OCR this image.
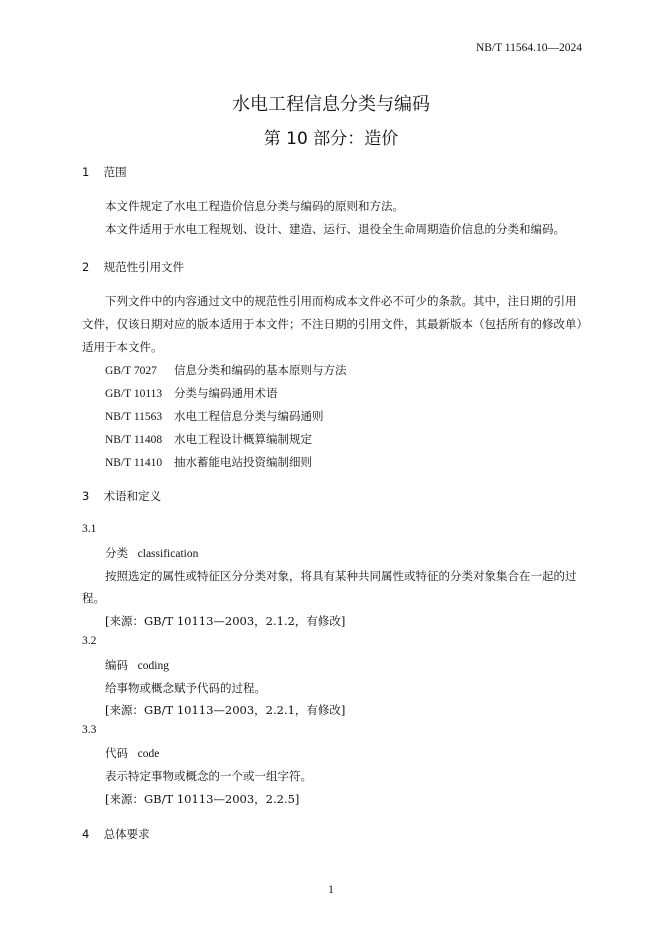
NB/T 11564.10—2024
水电工程信息分类与编码
第 10 部分：造价
1 范围
本文件规定了水电工程造价信息分类与编码的原则和方法。
本文件适用于水电工程规划、设计、建造、运行、退役全生命周期造价信息的分类和编码。
2 规范性引用文件
下列文件中的内容通过文中的规范性引用而构成本文件必不可少的条款。其中，注日期的引用
文件，仅该日期对应的版本适用于本文件；不注日期的引用文件，其最新版本（包括所有的修改单）
适用于本文件。
GB/T 7027 信息分类和编码的基本原则与方法
GB/T 10113 分类与编码通用术语
NB/T 11563 水电工程信息分类与编码通则
NB/T 11408 水电工程设计概算编制规定
NB/T 11410 抽水蓄能电站投资编制细则
3 术语和定义
3.1
分类 classification
按照选定的属性或特征区分分类对象，将具有某种共同属性或特征的分类对象集合在一起的过
程。
[来源：GB/T 10113—2003，2.1.2，有修改]
3.2
编码 coding
给事物或概念赋予代码的过程。
[来源：GB/T 10113—2003，2.2.1，有修改]
3.3
代码 code
表示特定事物或概念的一个或一组字符。
[来源：GB/T 10113—2003，2.2.5]
4 总体要求
1
